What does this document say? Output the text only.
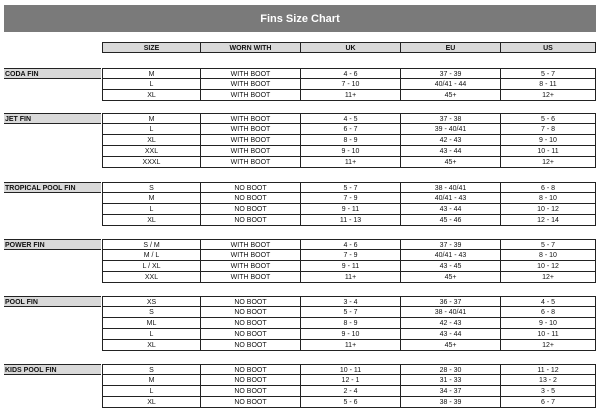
Fins Size Chart
SIZE	WORN WITH	UK	EU	US
CODA FIN	M	WITH BOOT	4 - 6	37 - 39	5 - 7
L	WITH BOOT	7 - 10	40/41 - 44	8 - 11
XL	WITH BOOT	11+	45+	12+
JET FIN	M	WITH BOOT	4 - 5	37 - 38	5 - 6
L	WITH BOOT	6 - 7	39 - 40/41	7 - 8
XL	WITH BOOT	8 - 9	42 - 43	9 - 10
XXL	WITH BOOT	9 - 10	43 - 44	10 - 11
XXXL	WITH BOOT	11+	45+	12+
TROPICAL POOL FIN	S	NO BOOT	5 - 7	38 - 40/41	6 - 8
M	NO BOOT	7 - 9	40/41 - 43	8 - 10
L	NO BOOT	9 - 11	43 - 44	10 - 12
XL	NO BOOT	11 - 13	45 - 46	12 - 14
POWER FIN	S / M	WITH BOOT	4 - 6	37 - 39	5 - 7
M / L	WITH BOOT	7 - 9	40/41 - 43	8 - 10
L / XL	WITH BOOT	9 - 11	43 - 45	10 - 12
XXL	WITH BOOT	11+	45+	12+
POOL FIN	XS	NO BOOT	3 - 4	36 - 37	4 - 5
S	NO BOOT	5 - 7	38 - 40/41	6 - 8
ML	NO BOOT	8 - 9	42 - 43	9 - 10
L	NO BOOT	9 - 10	43 - 44	10 - 11
XL	NO BOOT	11+	45+	12+
KIDS POOL FIN	S	NO BOOT	10 - 11	28 - 30	11 - 12
M	NO BOOT	12 - 1	31 - 33	13 - 2
L	NO BOOT	2 - 4	34 - 37	3 - 5
XL	NO BOOT	5 - 6	38 - 39	6 - 7
